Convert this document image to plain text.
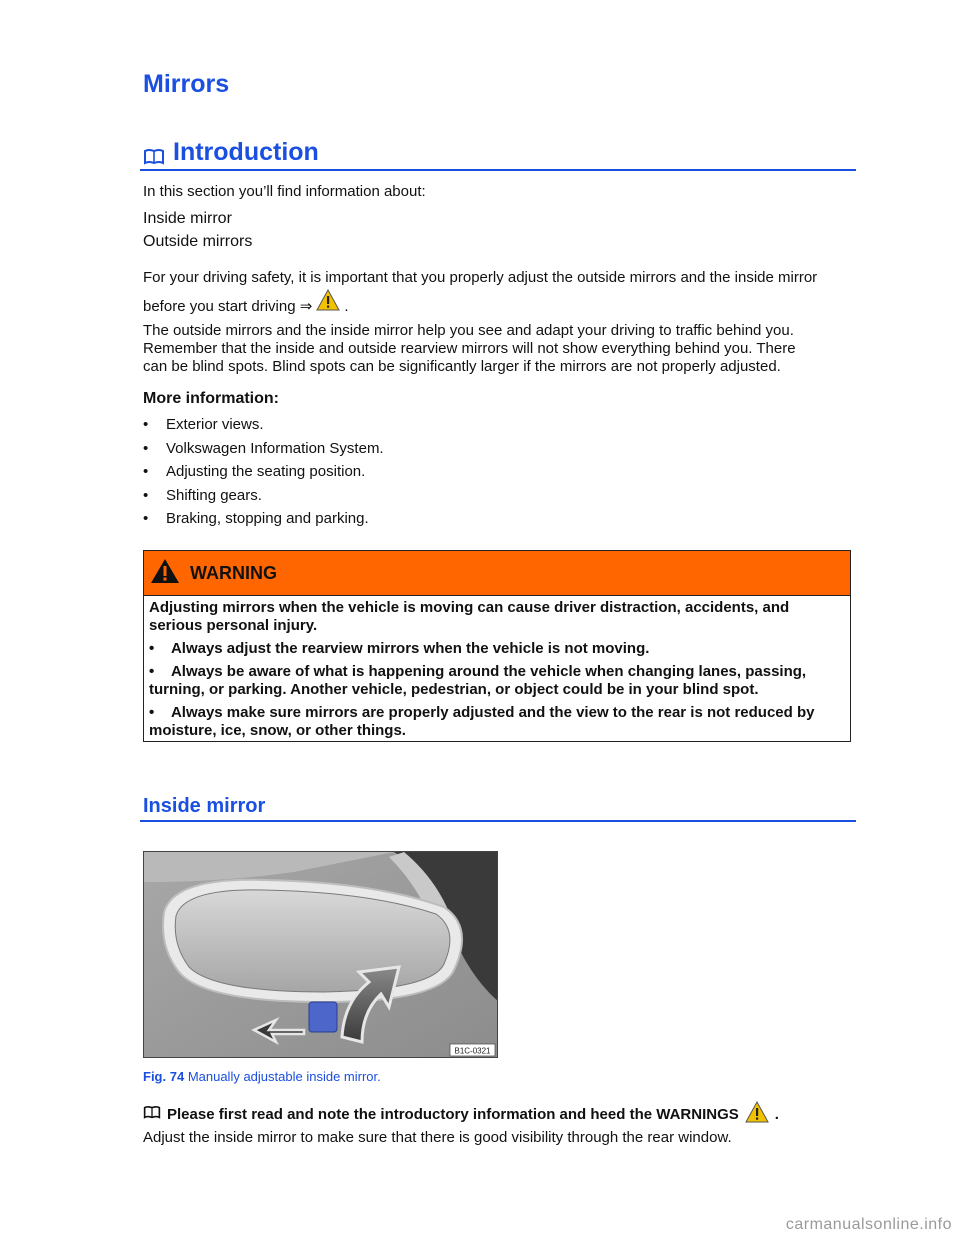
Mirrors
Introduction

In this section you’ll find information about:

Inside mirror

Outside mirrors

For your driving safety, it is important that you properly adjust the outside mirrors and the inside mirror

before you start driving ⇒ .

The outside mirrors and the inside mirror help you see and adapt your driving to traffic behind you.

Remember that the inside and outside rearview mirrors will not show everything behind you. There

can be blind spots. Blind spots can be significantly larger if the mirrors are not properly adjusted.

More information:

•	Exterior views.
•	Volkswagen Information System.
•	Adjusting the seating position.
•	Shifting gears.
•	Braking, stopping and parking.
WARNING

Adjusting mirrors when the vehicle is moving can cause driver distraction, accidents, and serious personal injury.

• Always adjust the rearview mirrors when the vehicle is not moving.

• Always be aware of what is happening around the vehicle when changing lanes, passing, turning, or parking. Another vehicle, pedestrian, or object could be in your blind spot.

• Always make sure mirrors are properly adjusted and the view to the rear is not reduced by moisture, ice, snow, or other things.

Inside mirror
B1C-0321

Fig. 74 Manually adjustable inside mirror.

Please first read and note the introductory information and heed the WARNINGS .

Adjust the inside mirror to make sure that there is good visibility through the rear window.

carmanualsonline.info
